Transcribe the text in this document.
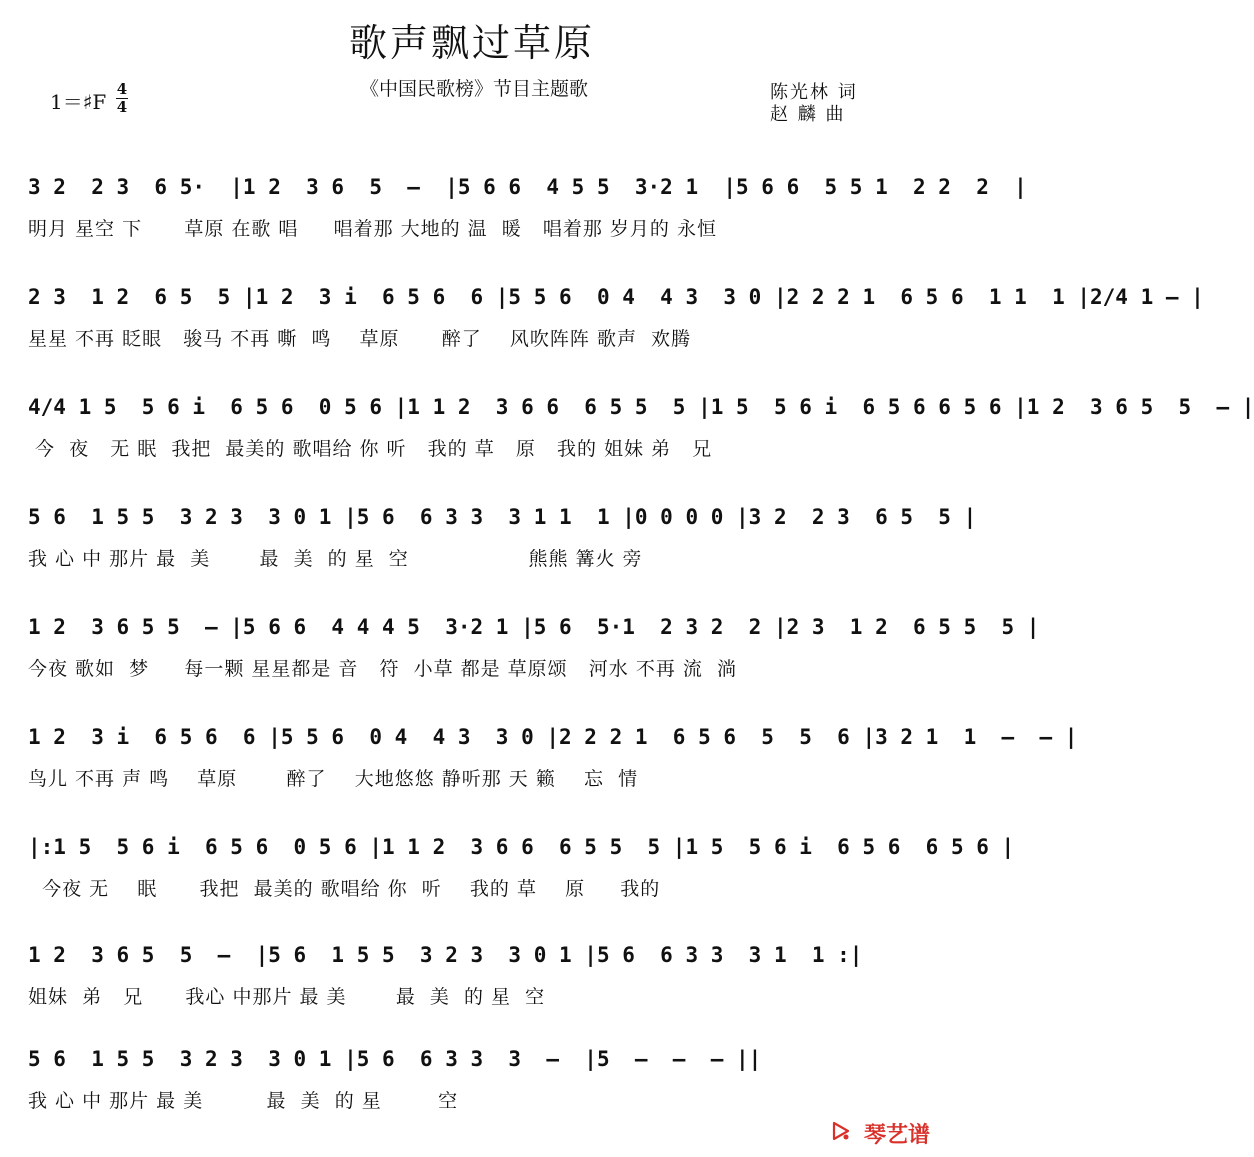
歌声飘过草原
《中国民歌榜》节目主题歌
1＝♯F
4
4
陈光林 词
赵 麟 曲
3 2  2 3  6 5·  |1 2  3 6  5  –  |5 6 6  4 5 5  3·2 1  |5 6 6  5 5 1  2 2  2  |
明月 星空 下      草原 在歌 唱     唱着那 大地的 温  暖   唱着那 岁月的 永恒
2 3  1 2  6 5  5 |1 2  3 i  6 5 6  6 |5 5 6  0 4  4 3  3 0 |2 2 2 1  6 5 6  1 1  1 |2/4 1 – |
星星 不再 眨眼   骏马 不再 嘶  鸣    草原      醉了    风吹阵阵 歌声  欢腾
4/4 1 5  5 6 i  6 5 6  0 5 6 |1 1 2  3 6 6  6 5 5  5 |1 5  5 6 i  6 5 6 6 5 6 |1 2  3 6 5  5  – |
今  夜   无 眠  我把  最美的 歌唱给 你 听   我的 草   原   我的 姐妹 弟   兄
5 6  1 5 5  3 2 3  3 0 1 |5 6  6 3 3  3 1 1  1 |0 0 0 0 |3 2  2 3  6 5  5 |
我 心 中 那片 最  美       最  美  的 星  空                 熊熊 篝火 旁
1 2  3 6 5 5  – |5 6 6  4 4 4 5  3·2 1 |5 6  5·1  2 3 2  2 |2 3  1 2  6 5 5  5 |
今夜 歌如  梦     每一颗 星星都是 音   符  小草 都是 草原颂   河水 不再 流  淌
1 2  3 i  6 5 6  6 |5 5 6  0 4  4 3  3 0 |2 2 2 1  6 5 6  5  5  6 |3 2 1  1  –  – |
鸟儿 不再 声 鸣    草原       醉了    大地悠悠 静听那 天 籁    忘  情
|:1 5  5 6 i  6 5 6  0 5 6 |1 1 2  3 6 6  6 5 5  5 |1 5  5 6 i  6 5 6  6 5 6 |
今夜 无    眠      我把  最美的 歌唱给 你  听    我的 草    原     我的
1 2  3 6 5  5  –  |5 6  1 5 5  3 2 3  3 0 1 |5 6  6 3 3  3 1  1 :|
姐妹  弟   兄      我心 中那片 最 美       最  美  的 星  空
5 6  1 5 5  3 2 3  3 0 1 |5 6  6 3 3  3  –  |5  –  –  – ||
我 心 中 那片 最 美         最  美  的 星        空
琴艺谱
